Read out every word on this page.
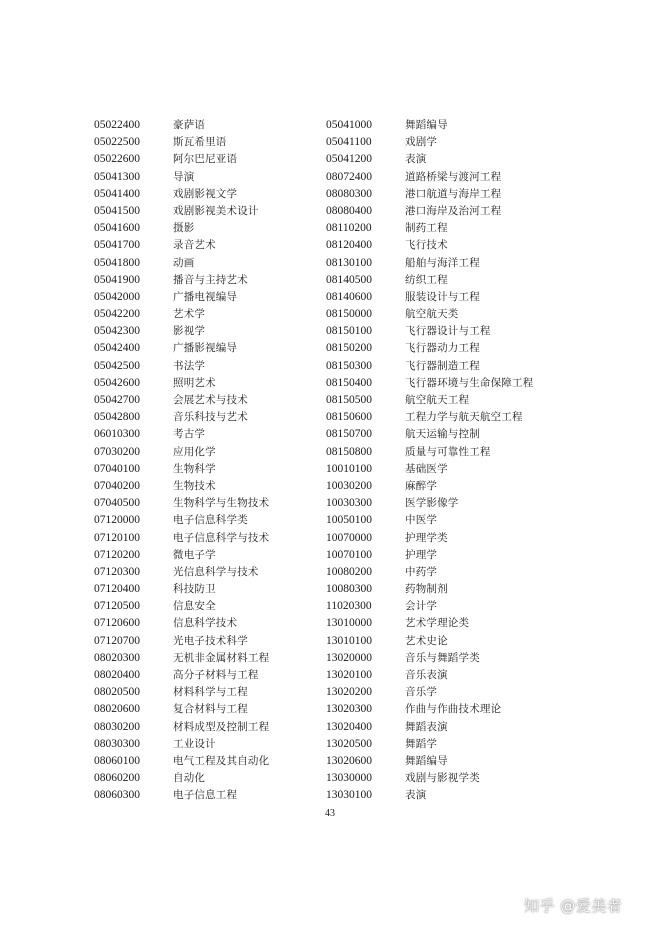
05022400	豪萨语
05022500	斯瓦希里语
05022600	阿尔巴尼亚语
05041300	导演
05041400	戏剧影视文学
05041500	戏剧影视美术设计
05041600	摄影
05041700	录音艺术
05041800	动画
05041900	播音与主持艺术
05042000	广播电视编导
05042200	艺术学
05042300	影视学
05042400	广播影视编导
05042500	书法学
05042600	照明艺术
05042700	会展艺术与技术
05042800	音乐科技与艺术
06010300	考古学
07030200	应用化学
07040100	生物科学
07040200	生物技术
07040500	生物科学与生物技术
07120000	电子信息科学类
07120100	电子信息科学与技术
07120200	微电子学
07120300	光信息科学与技术
07120400	科技防卫
07120500	信息安全
07120600	信息科学技术
07120700	光电子技术科学
08020300	无机非金属材料工程
08020400	高分子材料与工程
08020500	材料科学与工程
08020600	复合材料与工程
08030200	材料成型及控制工程
08030300	工业设计
08060100	电气工程及其自动化
08060200	自动化
08060300	电子信息工程
05041000	舞蹈编导
05041100	戏剧学
05041200	表演
08072400	道路桥梁与渡河工程
08080300	港口航道与海岸工程
08080400	港口海岸及治河工程
08110200	制药工程
08120400	飞行技术
08130100	船舶与海洋工程
08140500	纺织工程
08140600	服装设计与工程
08150000	航空航天类
08150100	飞行器设计与工程
08150200	飞行器动力工程
08150300	飞行器制造工程
08150400	飞行器环境与生命保障工程
08150500	航空航天工程
08150600	工程力学与航天航空工程
08150700	航天运输与控制
08150800	质量与可靠性工程
10010100	基础医学
10030200	麻醉学
10030300	医学影像学
10050100	中医学
10070000	护理学类
10070100	护理学
10080200	中药学
10080300	药物制剂
11020300	会计学
13010000	艺术学理论类
13010100	艺术史论
13020000	音乐与舞蹈学类
13020100	音乐表演
13020200	音乐学
13020300	作曲与作曲技术理论
13020400	舞蹈表演
13020500	舞蹈学
13020600	舞蹈编导
13030000	戏剧与影视学类
13030100	表演
43
知乎 @爱美者
